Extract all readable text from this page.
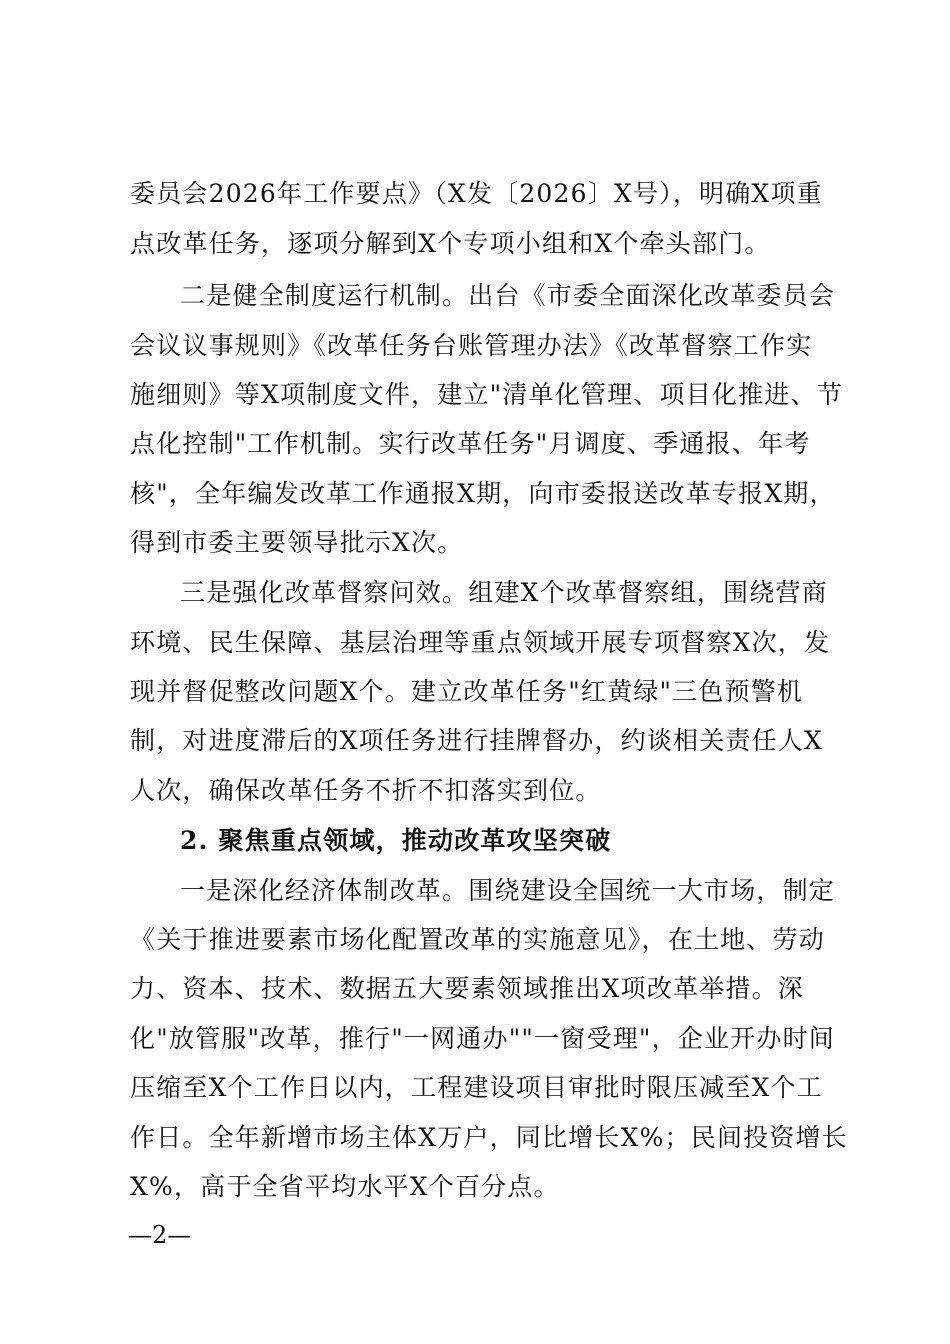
委员会2026年工作要点》（X发〔2026〕X号），明确X项重
点改革任务，逐项分解到X个专项小组和X个牵头部门。
二是健全制度运行机制。出台《市委全面深化改革委员会
会议议事规则》《改革任务台账管理办法》《改革督察工作实
施细则》等X项制度文件，建立"清单化管理、项目化推进、节
点化控制"工作机制。实行改革任务"月调度、季通报、年考
核"，全年编发改革工作通报X期，向市委报送改革专报X期，
得到市委主要领导批示X次。
三是强化改革督察问效。组建X个改革督察组，围绕营商
环境、民生保障、基层治理等重点领域开展专项督察X次，发
现并督促整改问题X个。建立改革任务"红黄绿"三色预警机
制，对进度滞后的X项任务进行挂牌督办，约谈相关责任人X
人次，确保改革任务不折不扣落实到位。
2. 聚焦重点领域，推动改革攻坚突破
一是深化经济体制改革。围绕建设全国统一大市场，制定
《关于推进要素市场化配置改革的实施意见》，在土地、劳动
力、资本、技术、数据五大要素领域推出X项改革举措。深
化"放管服"改革，推行"一网通办""一窗受理"，企业开办时间
压缩至X个工作日以内，工程建设项目审批时限压减至X个工
作日。全年新增市场主体X万户，同比增长X%；民间投资增长
X%，高于全省平均水平X个百分点。
—2—
